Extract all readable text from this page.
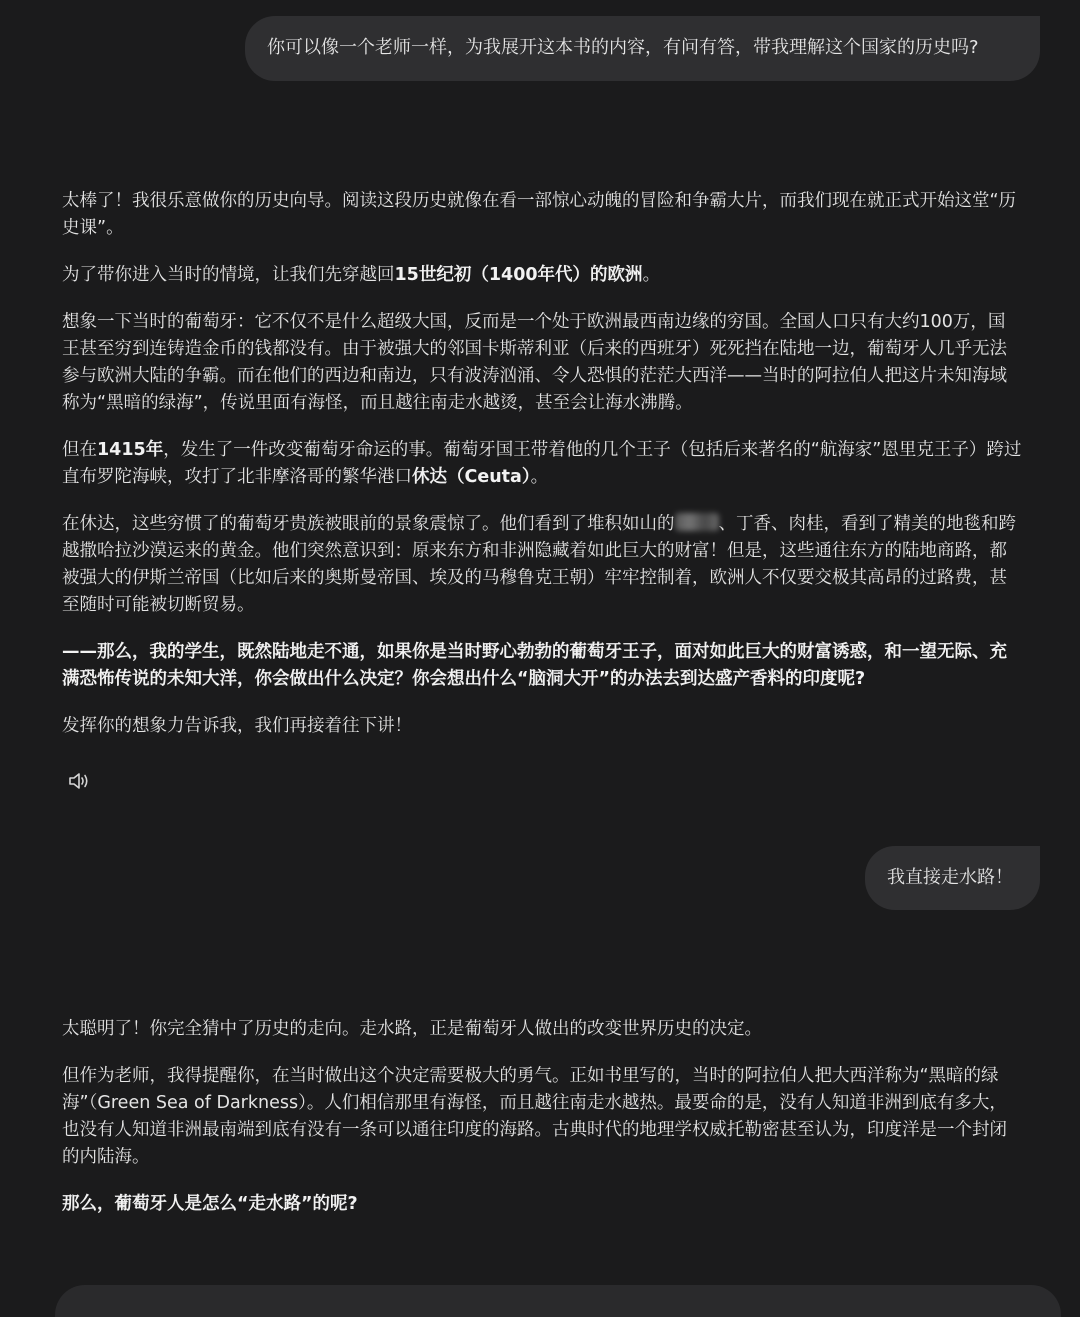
你可以像一个老师一样，为我展开这本书的内容，有问有答，带我理解这个国家的历史吗?

太棒了！我很乐意做你的历史向导。阅读这段历史就像在看一部惊心动魄的冒险和争霸大片，而我们现在就正式开始这堂“历史课”。

为了带你进入当时的情境，让我们先穿越回15世纪初（1400年代）的欧洲。

想象一下当时的葡萄牙：它不仅不是什么超级大国，反而是一个处于欧洲最西南边缘的穷国。全国人口只有大约100万，国王甚至穷到连铸造金币的钱都没有。由于被强大的邻国卡斯蒂利亚（后来的西班牙）死死挡在陆地一边，葡萄牙人几乎无法参与欧洲大陆的争霸。而在他们的西边和南边，只有波涛汹涌、令人恐惧的茫茫大西洋——当时的阿拉伯人把这片未知海域称为“黑暗的绿海”，传说里面有海怪，而且越往南走水越烫，甚至会让海水沸腾。

但在1415年，发生了一件改变葡萄牙命运的事。葡萄牙国王带着他的几个王子（包括后来著名的“航海家”恩里克王子）跨过直布罗陀海峡，攻打了北非摩洛哥的繁华港口休达（Ceuta）。

在休达，这些穷惯了的葡萄牙贵族被眼前的景象震惊了。他们看到了堆积如山的	、丁香、肉桂，看到了精美的地毯和跨越撒哈拉沙漠运来的黄金。他们突然意识到：原来东方和非洲隐藏着如此巨大的财富！但是，这些通往东方的陆地商路，都被强大的伊斯兰帝国（比如后来的奥斯曼帝国、埃及的马穆鲁克王朝）牢牢控制着，欧洲人不仅要交极其高昂的过路费，甚至随时可能被切断贸易。

——那么，我的学生，既然陆地走不通，如果你是当时野心勃勃的葡萄牙王子，面对如此巨大的财富诱惑，和一望无际、充满恐怖传说的未知大洋，你会做出什么决定？你会想出什么“脑洞大开”的办法去到达盛产香料的印度呢?

发挥你的想象力告诉我，我们再接着往下讲！

我直接走水路！

太聪明了！你完全猜中了历史的走向。走水路，正是葡萄牙人做出的改变世界历史的决定。

但作为老师，我得提醒你，在当时做出这个决定需要极大的勇气。正如书里写的，当时的阿拉伯人把大西洋称为“黑暗的绿海”（Green Sea of Darkness）。人们相信那里有海怪，而且越往南走水越热。最要命的是，没有人知道非洲到底有多大，也没有人知道非洲最南端到底有没有一条可以通往印度的海路。古典时代的地理学权威托勒密甚至认为，印度洋是一个封闭的内陆海。

那么，葡萄牙人是怎么“走水路”的呢?
